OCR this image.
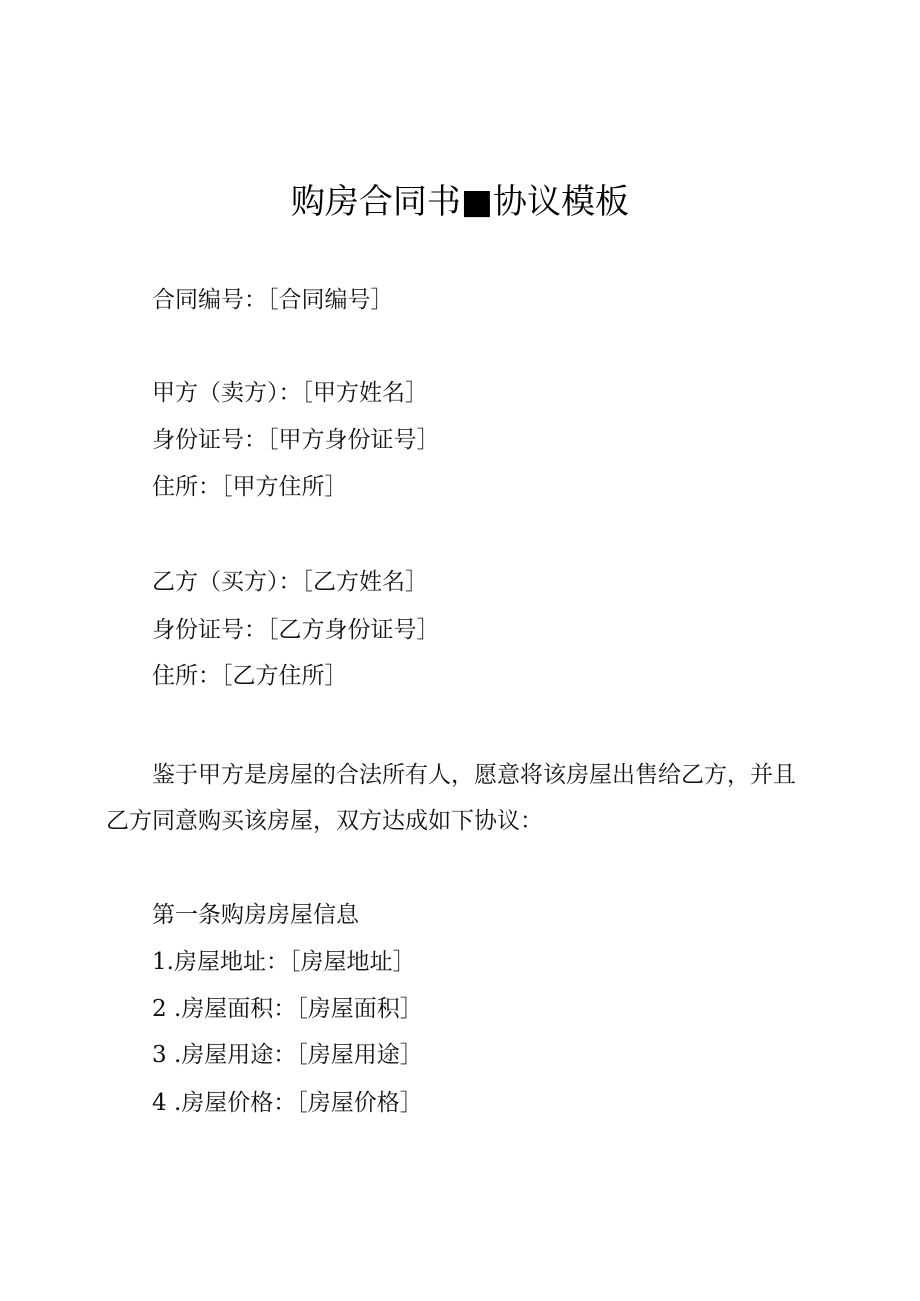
购房合同书■协议模板
合同编号：［合同编号］
甲方（卖方）：［甲方姓名］
身份证号：［甲方身份证号］
住所：［甲方住所］
乙方（买方）：［乙方姓名］
身份证号：［乙方身份证号］
住所：［乙方住所］
鉴于甲方是房屋的合法所有人，愿意将该房屋出售给乙方，并且乙方同意购买该房屋，双方达成如下协议：
第一条购房房屋信息
1.房屋地址：［房屋地址］
2 .房屋面积：［房屋面积］
3 .房屋用途：［房屋用途］
4 .房屋价格：［房屋价格］
